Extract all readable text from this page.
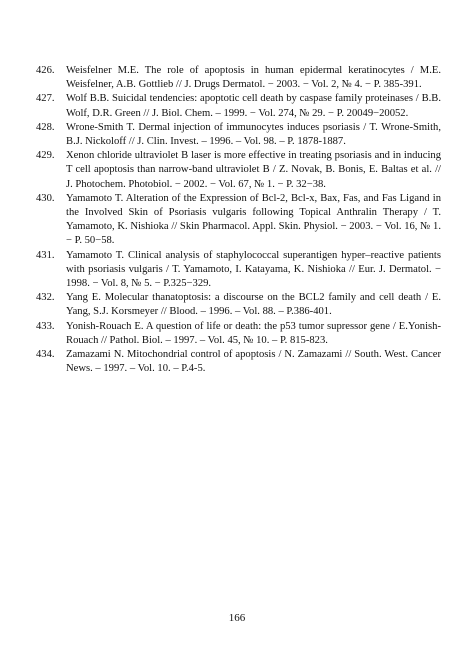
426. Weisfelner M.E. The role of apoptosis in human epidermal keratinocytes / M.E. Weisfelner, A.B. Gottlieb // J. Drugs Dermatol. − 2003. − Vol. 2, № 4. − P. 385-391.

427. Wolf B.B. Suicidal tendencies: apoptotic cell death by caspase family proteinases / B.B. Wolf, D.R. Green // J. Biol. Chem. – 1999. − Vol. 274, № 29. − P. 20049−20052.

428. Wrone-Smith T. Dermal injection of immunocytes induces psoriasis / T. Wrone-Smith, B.J. Nickoloff // J. Clin. Invest. – 1996. – Vol. 98. – P. 1878-1887.

429. Xenon chloride ultraviolet B laser is more effective in treating psoriasis and in inducing T cell apoptosis than narrow-band ultraviolet B / Z. Novak, B. Bonis, E. Baltas et al. // J. Photochem. Photobiol. − 2002. − Vol. 67, № 1. − P. 32−38.

430. Yamamoto T. Alteration of the Expression of Bcl-2, Bcl-x, Bax, Fas, and Fas Ligand in the Involved Skin of Psoriasis vulgaris following Topical Anthralin Therapy / T. Yamamoto, K. Nishioka // Skin Pharmacol. Appl. Skin. Physiol. − 2003. − Vol. 16, № 1. − P. 50−58.

431. Yamamoto T. Clinical analysis of staphylococcal superantigen hyper–reactive patients with psoriasis vulgaris / T. Yamamoto, I. Katayama, K. Nishioka // Eur. J. Dermatol. − 1998. − Vol. 8, № 5. − P.325−329.

432. Yang E. Molecular thanatoptosis: a discourse on the BCL2 family and cell death / E. Yang, S.J. Korsmeyer // Blood. – 1996. – Vol. 88. – P.386-401.

433. Yonish-Rouach E. A question of life or death: the p53 tumor supressor gene / E.Yonish-Rouach // Pathol. Biol. – 1997. – Vol. 45, № 10. – P. 815-823.

434. Zamazami N. Mitochondrial control of apoptosis / N. Zamazami // South. West. Cancer News. – 1997. – Vol. 10. – P.4-5.

166
